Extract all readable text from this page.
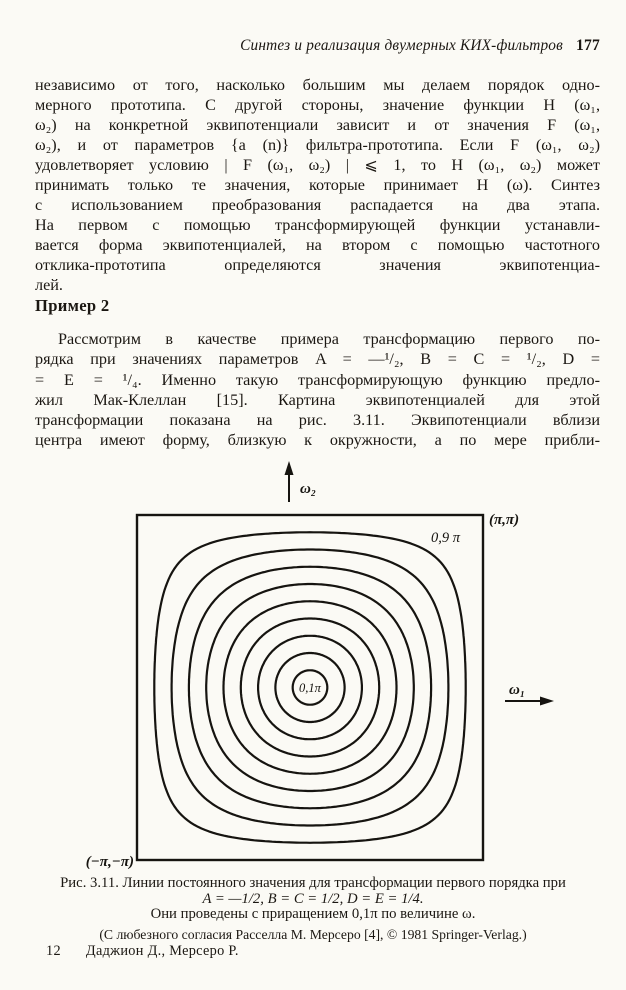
Синтез и реализация двумерных КИХ-фильтров 177
независимо от того, насколько большим мы делаем порядок одно-
мерного прототипа. С другой стороны, значение функции H (ω₁,
ω₂) на конкретной эквипотенциали зависит и от значения F (ω₁,
ω₂), и от параметров {a (n)} фильтра-прототипа. Если F (ω₁, ω₂)
удовлетворяет условию | F (ω₁, ω₂) | ⩽ 1, то H (ω₁, ω₂) может
принимать только те значения, которые принимает H (ω). Синтез
с использованием преобразования распадается на два этапа.
На первом с помощью трансформирующей функции устанавли-
вается форма эквипотенциалей, на втором с помощью частотного
отклика-прототипа определяются значения эквипотенциа-
лей.
Пример 2
Рассмотрим в качестве примера трансформацию первого по-
рядка при значениях параметров A = —¹/₂, B = C = ¹/₂, D =
= E = ¹/₄. Именно такую трансформирующую функцию предло-
жил Мак-Клеллан [15]. Картина эквипотенциалей для этой
трансформации показана на рис. 3.11. Эквипотенциали вблизи
центра имеют форму, близкую к окружности, а по мере прибли-
ω₂
0,9 π
0,1π
(π,π)
(−π,−π)
ω₁
Рис. 3.11. Линии постоянного значения для трансформации первого порядка при
A = —1/2, B = C = 1/2, D = E = 1/4.
Они проведены с приращением 0,1π по величине ω.
(С любезного согласия Расселла М. Мерсеро [4], © 1981 Springer-Verlag.)
12 Даджион Д., Мерсеро Р.
